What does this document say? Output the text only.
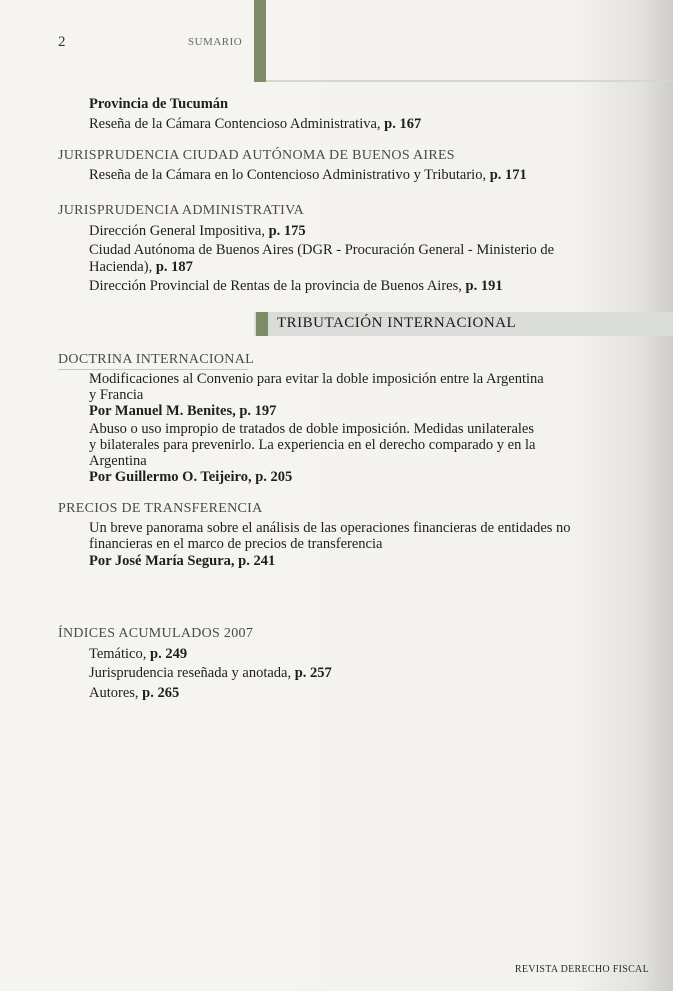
2	SUMARIO
Provincia de Tucumán
Reseña de la Cámara Contencioso Administrativa, p. 167
JURISPRUDENCIA CIUDAD AUTÓNOMA DE BUENOS AIRES
Reseña de la Cámara en lo Contencioso Administrativo y Tributario, p. 171
JURISPRUDENCIA ADMINISTRATIVA
Dirección General Impositiva, p. 175
Ciudad Autónoma de Buenos Aires (DGR - Procuración General - Ministerio de
Hacienda), p. 187
Dirección Provincial de Rentas de la provincia de Buenos Aires, p. 191
TRIBUTACIÓN INTERNACIONAL
DOCTRINA INTERNACIONAL
Modificaciones al Convenio para evitar la doble imposición entre la Argentina
y Francia
Por Manuel M. Benites, p. 197
Abuso o uso impropio de tratados de doble imposición. Medidas unilaterales
y bilaterales para prevenirlo. La experiencia en el derecho comparado y en la
Argentina
Por Guillermo O. Teijeiro, p. 205
PRECIOS DE TRANSFERENCIA
Un breve panorama sobre el análisis de las operaciones financieras de entidades no
financieras en el marco de precios de transferencia
Por José María Segura, p. 241
ÍNDICES ACUMULADOS 2007
Temático, p. 249
Jurisprudencia reseñada y anotada, p. 257
Autores, p. 265
REVISTA DERECHO FISCAL
